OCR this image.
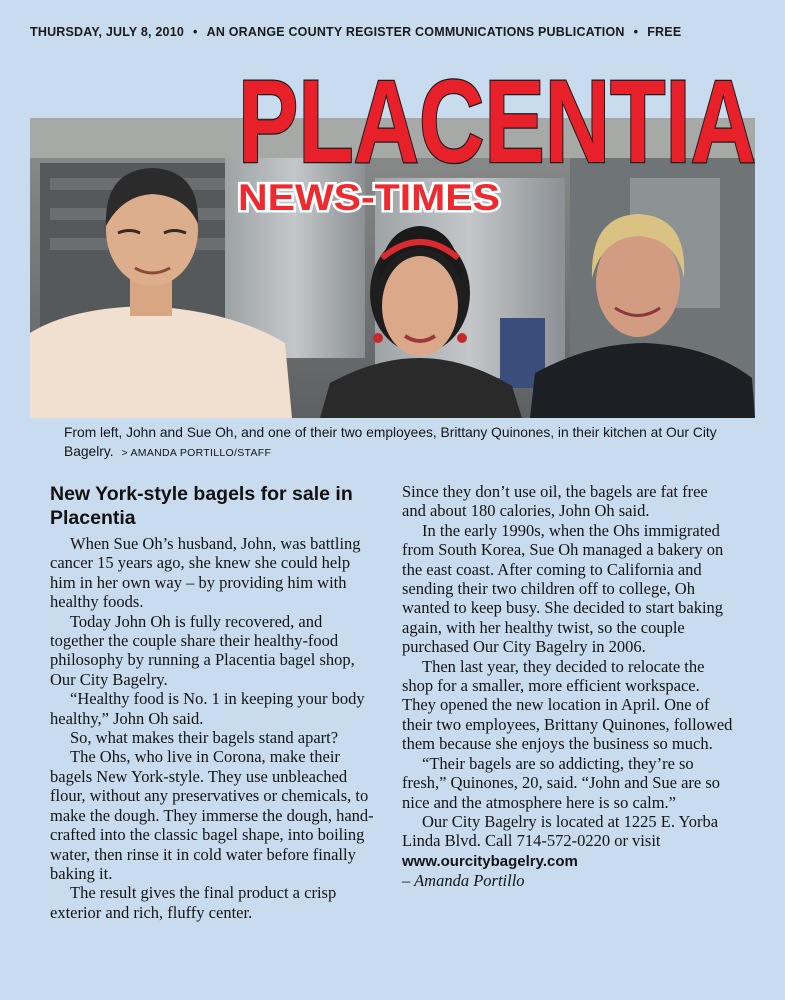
THURSDAY, JULY 8, 2010 • AN ORANGE COUNTY REGISTER COMMUNICATIONS PUBLICATION • FREE
PLACENTIA
NEWS-TIMES
From left, John and Sue Oh, and one of their two employees, Brittany Quinones, in their kitchen at Our City Bagelry. > AMANDA PORTILLO/STAFF
New York-style bagels for sale in Placentia

When Sue Oh’s husband, John, was battling cancer 15 years ago, she knew she could help him in her own way – by providing him with healthy foods.

Today John Oh is fully recovered, and together the couple share their healthy-food philosophy by running a Placentia bagel shop, Our City Bagelry.

“Healthy food is No. 1 in keeping your body healthy,” John Oh said.

So, what makes their bagels stand apart?

The Ohs, who live in Corona, make their bagels New York-style. They use unbleached flour, without any preservatives or chemicals, to make the dough. They immerse the dough, hand-crafted into the classic bagel shape, into boiling water, then rinse it in cold water before finally baking it.

The result gives the final product a crisp exterior and rich, fluffy center.

Since they don’t use oil, the bagels are fat free and about 180 calories, John Oh said.

In the early 1990s, when the Ohs immigrated from South Korea, Sue Oh managed a bakery on the east coast. After coming to California and sending their two children off to college, Oh wanted to keep busy. She decided to start baking again, with her healthy twist, so the couple purchased Our City Bagelry in 2006.

Then last year, they decided to relocate the shop for a smaller, more efficient workspace. They opened the new location in April. One of their two employees, Brittany Quinones, followed them because she enjoys the business so much.

“Their bagels are so addicting, they’re so fresh,” Quinones, 20, said. “John and Sue are so nice and the atmosphere here is so calm.”

Our City Bagelry is located at 1225 E. Yorba Linda Blvd. Call 714-572-0220 or visit www.ourcitybagelry.com

– Amanda Portillo
